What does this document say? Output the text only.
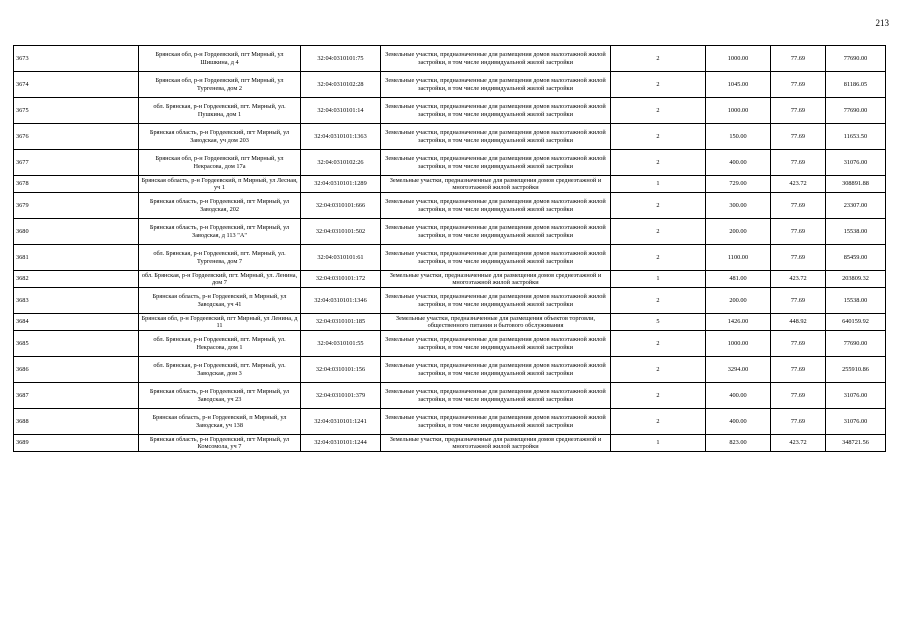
213
3673	Брянская обл, р-н Гордеевский, пгт Мирный, ул Шишкина, д 4	32:04:0310101:75	Земельные участки, предназначенные для размещения домов малоэтажной жилой застройки, в том числе индивидуальной жилой застройки	2	1000.00	77.69	77690.00
3674	Брянская обл, р-н Гордеевский, пгт Мирный, ул Тургенева, дом 2	32:04:0310102:28	Земельные участки, предназначенные для размещения домов малоэтажной жилой застройки, в том числе индивидуальной жилой застройки	2	1045.00	77.69	81186.05
3675	обл. Брянская, р-н Гордеевский, пгт. Мирный, ул. Пушкина, дом 1	32:04:0310101:14	Земельные участки, предназначенные для размещения домов малоэтажной жилой застройки, в том числе индивидуальной жилой застройки	2	1000.00	77.69	77690.00
3676	Брянская область, р-н Гордеевский, пгт Мирный, ул Заводская, уч дом 203	32:04:0310101:1363	Земельные участки, предназначенные для размещения домов малоэтажной жилой застройки, в том числе индивидуальной жилой застройки	2	150.00	77.69	11653.50
3677	Брянская обл, р-н Гордеевский, пгт Мирный, ул Некрасова, дом 17а	32:04:0310102:26	Земельные участки, предназначенные для размещения домов малоэтажной жилой застройки, в том числе индивидуальной жилой застройки	2	400.00	77.69	31076.00
3678	Брянская область, р-н Гордеевский, п Мирный, ул Лесная, уч 1	32:04:0310101:1289	Земельные участки, предназначенные для размещения домов среднеэтажной и многоэтажной жилой застройки	1	729.00	423.72	308891.88
3679	Брянская область, р-н Гордеевский, пгт Мирный, ул Заводская, 202	32:04:0310101:666	Земельные участки, предназначенные для размещения домов малоэтажной жилой застройки, в том числе индивидуальной жилой застройки	2	300.00	77.69	23307.00
3680	Брянская область, р-н Гордеевский, пгт Мирный, ул Заводская, д 113 "А"	32:04:0310101:502	Земельные участки, предназначенные для размещения домов малоэтажной жилой застройки, в том числе индивидуальной жилой застройки	2	200.00	77.69	15538.00
3681	обл. Брянская, р-н Гордеевский, пгт. Мирный, ул. Тургенева, дом 7	32:04:0310101:61	Земельные участки, предназначенные для размещения домов малоэтажной жилой застройки, в том числе индивидуальной жилой застройки	2	1100.00	77.69	85459.00
3682	обл. Брянская, р-н Гордеевский, пгт. Мирный, ул. Ленина, дом 7	32:04:0310101:172	Земельные участки, предназначенные для размещения домов среднеэтажной и многоэтажной жилой застройки	1	481.00	423.72	203809.32
3683	Брянская область, р-н Гордеевский, п Мирный, ул Заводская, уч 41	32:04:0310101:1346	Земельные участки, предназначенные для размещения домов малоэтажной жилой застройки, в том числе индивидуальной жилой застройки	2	200.00	77.69	15538.00
3684	Брянская обл, р-н Гордеевский, пгт Мирный, ул Ленина, д 11	32:04:0310101:185	Земельные участки, предназначенные для размещения объектов торговли, общественного питания и бытового обслуживания	5	1426.00	448.92	640159.92
3685	обл. Брянская, р-н Гордеевский, пгт. Мирный, ул. Некрасова, дом 1	32:04:0310101:55	Земельные участки, предназначенные для размещения домов малоэтажной жилой застройки, в том числе индивидуальной жилой застройки	2	1000.00	77.69	77690.00
3686	обл. Брянская, р-н Гордеевский, пгт. Мирный, ул. Заводская, дом 3	32:04:0310101:156	Земельные участки, предназначенные для размещения домов малоэтажной жилой застройки, в том числе индивидуальной жилой застройки	2	3294.00	77.69	255910.86
3687	Брянская область, р-н Гордеевский, пгт Мирный, ул Заводская, уч 23	32:04:0310101:379	Земельные участки, предназначенные для размещения домов малоэтажной жилой застройки, в том числе индивидуальной жилой застройки	2	400.00	77.69	31076.00
3688	Брянская область, р-н Гордеевский, п Мирный, ул Заводская, уч 138	32:04:0310101:1241	Земельные участки, предназначенные для размещения домов малоэтажной жилой застройки, в том числе индивидуальной жилой застройки	2	400.00	77.69	31076.00
3689	Брянская область, р-н Гордеевский, пгт Мирный, ул Комсомола, уч 7	32:04:0310101:1244	Земельные участки, предназначенные для размещения домов среднеэтажной и многоэтажной жилой застройки	1	823.00	423.72	348721.56
